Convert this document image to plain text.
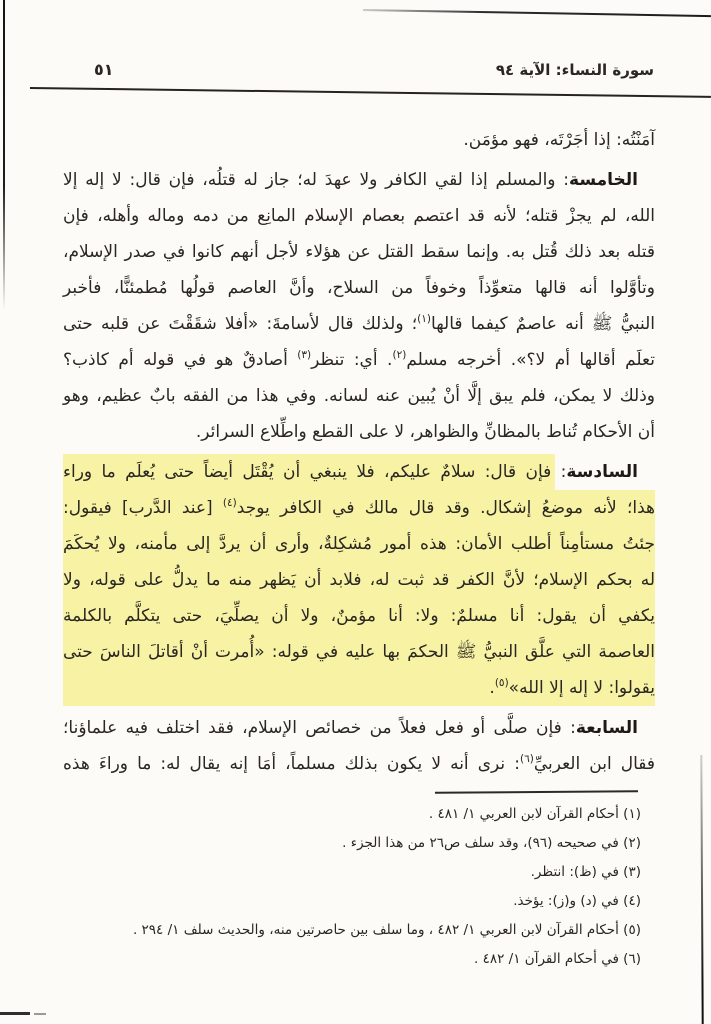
٥١	سورة النساء: الآية ٩٤
آمَنْتُه: إذا أجَرْتَه، فهو مؤمَن.
الخامسة: والمسلم إذا لقي الكافر ولا عهدَ له؛ جاز له قتلُه، فإن قال: لا إله إلا
الله، لم يجزْ قتله؛ لأنه قد اعتصم بعصام الإسلام المانِع من دمه وماله وأهله، فإن
قتله بعد ذلك قُتل به. وإنما سقط القتل عن هؤلاء لأجل أنهم كانوا في صدر الإسلام،
وتأوَّلوا أنه قالها متعوِّذاً وخوفاً من السلاح، وأنَّ العاصم قولُها مُطمئنًّا، فأخبر
النبيُّ ﷺ أنه عاصمٌ كيفما قالها$^{(١)}$؛ ولذلك قال لأسامةَ: «أفلا شقَقْتَ عن قلبه حتى
تعلَم أقالها أم لا؟». أخرجه مسلم$^{(٢)}$. أي: تنظر$^{(٣)}$ أصادقٌ هو في قوله أم كاذب؟
وذلك لا يمكن، فلم يبق إلَّا أنْ يُبين عنه لسانه. وفي هذا من الفقه بابٌ عظيم، وهو
أن الأحكام تُناط بالمظانِّ والظواهر، لا على القطع واطِّلاع السرائر.
السادسة: فإن قال: سلامٌ عليكم، فلا ينبغي أن يُقْتَل أيضاً حتى يُعلَم ما وراء
هذا؛ لأنه موضعُ إشكال. وقد قال مالك في الكافر يوجد$^{(٤)}$ [عند الدَّرب] فيقول:
جئتُ مستأمِناً أطلب الأمان: هذه أمور مُشكِلةٌ، وأرى أن يردَّ إلى مأمنه، ولا يُحكَمَ
له بحكم الإسلام؛ لأنَّ الكفر قد ثبت له، فلابد أن يَظهر منه ما يدلُّ على قوله، ولا
يكفي أن يقول: أنا مسلمٌ: ولا: أنا مؤمنٌ، ولا أن يصلِّيَ، حتى يتكلَّم بالكلمة
العاصمة التي علَّق النبيُّ ﷺ الحكمَ بها عليه في قوله: «أُمرت أنْ أقاتلَ الناسَ حتى
يقولوا: لا إله إلا الله»$^{(٥)}$.
السابعة: فإن صلَّى أو فعل فعلاً من خصائص الإسلام، فقد اختلف فيه علماؤنا؛
فقال ابن العربيِّ$^{(٦)}$: نرى أنه لا يكون بذلك مسلماً، أمَا إنه يقال له: ما وراءَ هذه
(١) أحكام القرآن لابن العربي ١/ ٤٨١ .
(٢) في صحيحه (٩٦)، وقد سلف ص٢٦ من هذا الجزء .
(٣) في (ظ): انتظر.
(٤) في (د) و(ز): يؤخذ.
(٥) أحكام القرآن لابن العربي ١/ ٤٨٢ ، وما سلف بين حاصرتين منه، والحديث سلف ١/ ٢٩٤ .
(٦) في أحكام القرآن ١/ ٤٨٢ .
